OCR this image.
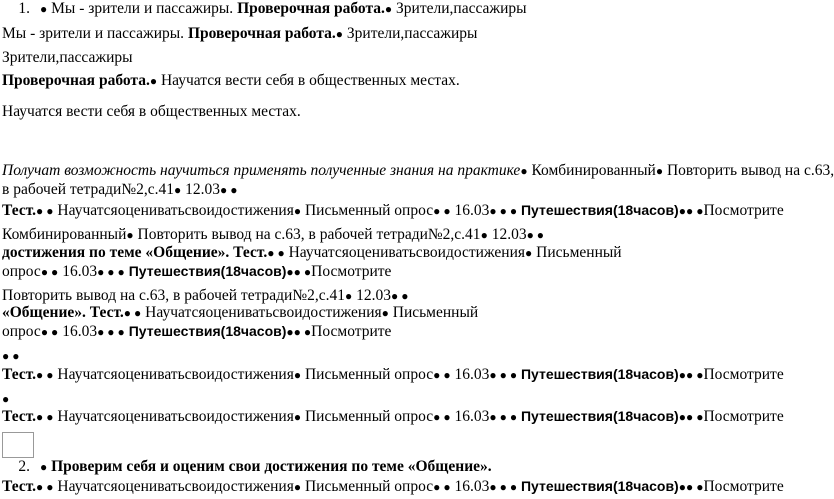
1. ● Мы - зрители и пассажиры. Проверочная работа.● Зрители,пассажиры
Мы - зрители и пассажиры. Проверочная работа.● Зрители,пассажиры
Зрители,пассажиры
Проверочная работа.● Научатся вести себя в общественных местах.
Научатся вести себя в общественных местах.
Получат возможность научиться применять полученные знания на практике● Комбинированный● Повторить вывод на с.63,
в рабочей тетради№2,с.41● 12.03● ●
Тест.● ● Научатсяоцениватьсвоидостижения● Письменный опрос● ● 16.03● ● ● Путешествия(18часов)●● ●Посмотрите
Комбинированный● Повторить вывод на с.63, в рабочей тетради№2,с.41● 12.03● ●
достижения по теме «Общение». Тест.● ● Научатсяоцениватьсвоидостижения● Письменный
опрос● ● 16.03● ● ● Путешествия(18часов)●● ●Посмотрите
Повторить вывод на с.63, в рабочей тетради№2,с.41● 12.03● ●
«Общение». Тест.● ● Научатсяоцениватьсвоидостижения● Письменный
опрос● ● 16.03● ● ● Путешествия(18часов)●● ●Посмотрите
● ●
Тест.● ● Научатсяоцениватьсвоидостижения● Письменный опрос● ● 16.03● ● ● Путешествия(18часов)●● ●Посмотрите
●
Тест.● ● Научатсяоцениватьсвоидостижения● Письменный опрос● ● 16.03● ● ● Путешествия(18часов)●● ●Посмотрите
2. ● Проверим себя и оценим свои достижения по теме «Общение».
Тест.● ● Научатсяоцениватьсвоидостижения● Письменный опрос● ● 16.03● ● ● Путешествия(18часов)●● ●Посмотрите
